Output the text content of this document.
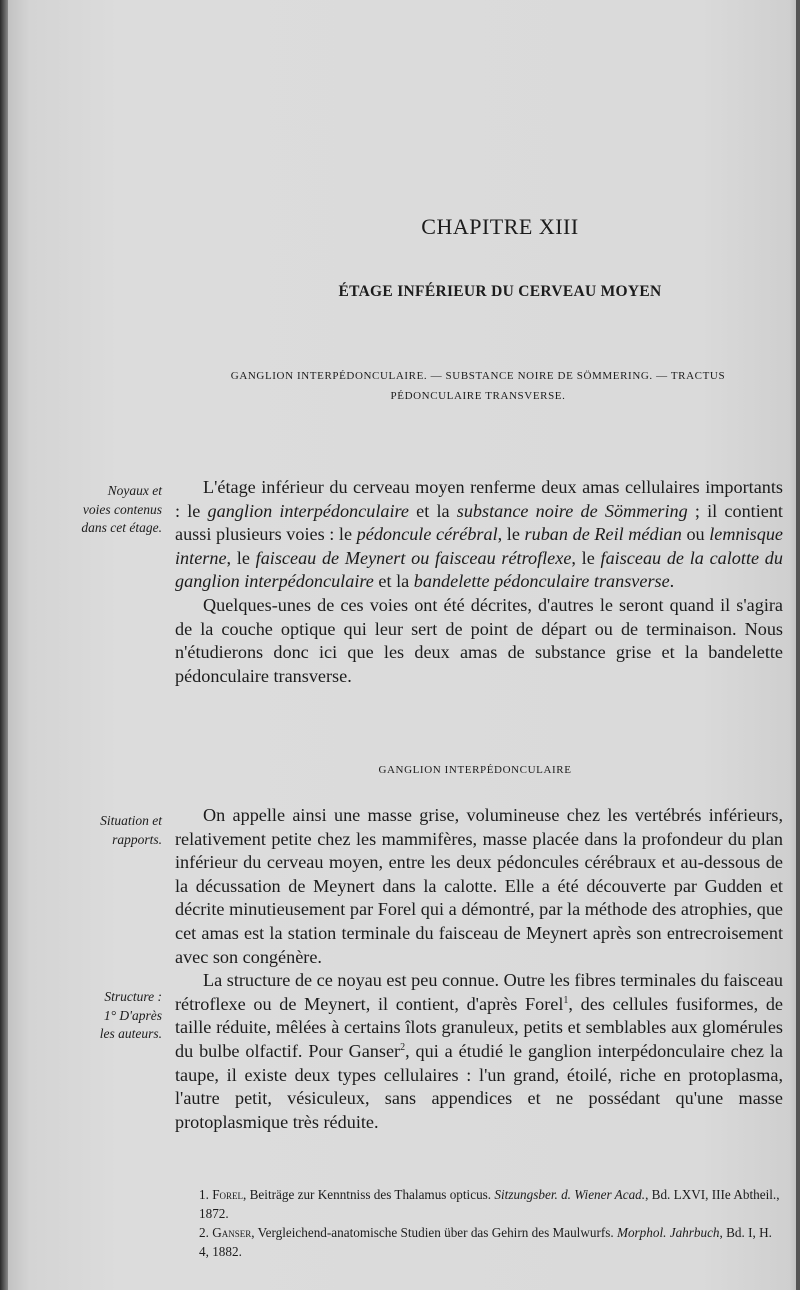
CHAPITRE XIII
ÉTAGE INFÉRIEUR DU CERVEAU MOYEN
GANGLION INTERPÉDONCULAIRE. — SUBSTANCE NOIRE DE SÖMMERING. — TRACTUS
PÉDONCULAIRE TRANSVERSE.
Noyaux et
voies contenus
dans cet étage.

L'étage inférieur du cerveau moyen renferme deux amas cellulaires importants : le ganglion interpédonculaire et la substance noire de Sömmering ; il contient aussi plusieurs voies : le pédoncule cérébral, le ruban de Reil médian ou lemnisque interne, le faisceau de Meynert ou faisceau rétroflexe, le faisceau de la calotte du ganglion interpédonculaire et la bandelette pédonculaire transverse.

Quelques-unes de ces voies ont été décrites, d'autres le seront quand il s'agira de la couche optique qui leur sert de point de départ ou de terminaison. Nous n'étudierons donc ici que les deux amas de substance grise et la bandelette pédonculaire transverse.

GANGLION INTERPÉDONCULAIRE
Situation et
rapports.
Structure :
1° D'après
les auteurs.

On appelle ainsi une masse grise, volumineuse chez les vertébrés inférieurs, relativement petite chez les mammifères, masse placée dans la profondeur du plan inférieur du cerveau moyen, entre les deux pédoncules cérébraux et au-dessous de la décussation de Meynert dans la calotte. Elle a été découverte par Gudden et décrite minutieusement par Forel qui a démontré, par la méthode des atrophies, que cet amas est la station terminale du faisceau de Meynert après son entrecroisement avec son congénère.

La structure de ce noyau est peu connue. Outre les fibres terminales du faisceau rétroflexe ou de Meynert, il contient, d'après Forel$^1$, des cellules fusiformes, de taille réduite, mêlées à certains îlots granuleux, petits et semblables aux glomérules du bulbe olfactif. Pour Ganser$^2$, qui a étudié le ganglion interpédonculaire chez la taupe, il existe deux types cellulaires : l'un grand, étoilé, riche en protoplasma, l'autre petit, vésiculeux, sans appendices et ne possédant qu'une masse protoplasmique très réduite.

1. Forel, Beiträge zur Kenntniss des Thalamus opticus. Sitzungsber. d. Wiener Acad., Bd. LXVI, IIIe Abtheil., 1872.

2. Ganser, Vergleichend-anatomische Studien über das Gehirn des Maulwurfs. Morphol. Jahrbuch, Bd. I, H. 4, 1882.
